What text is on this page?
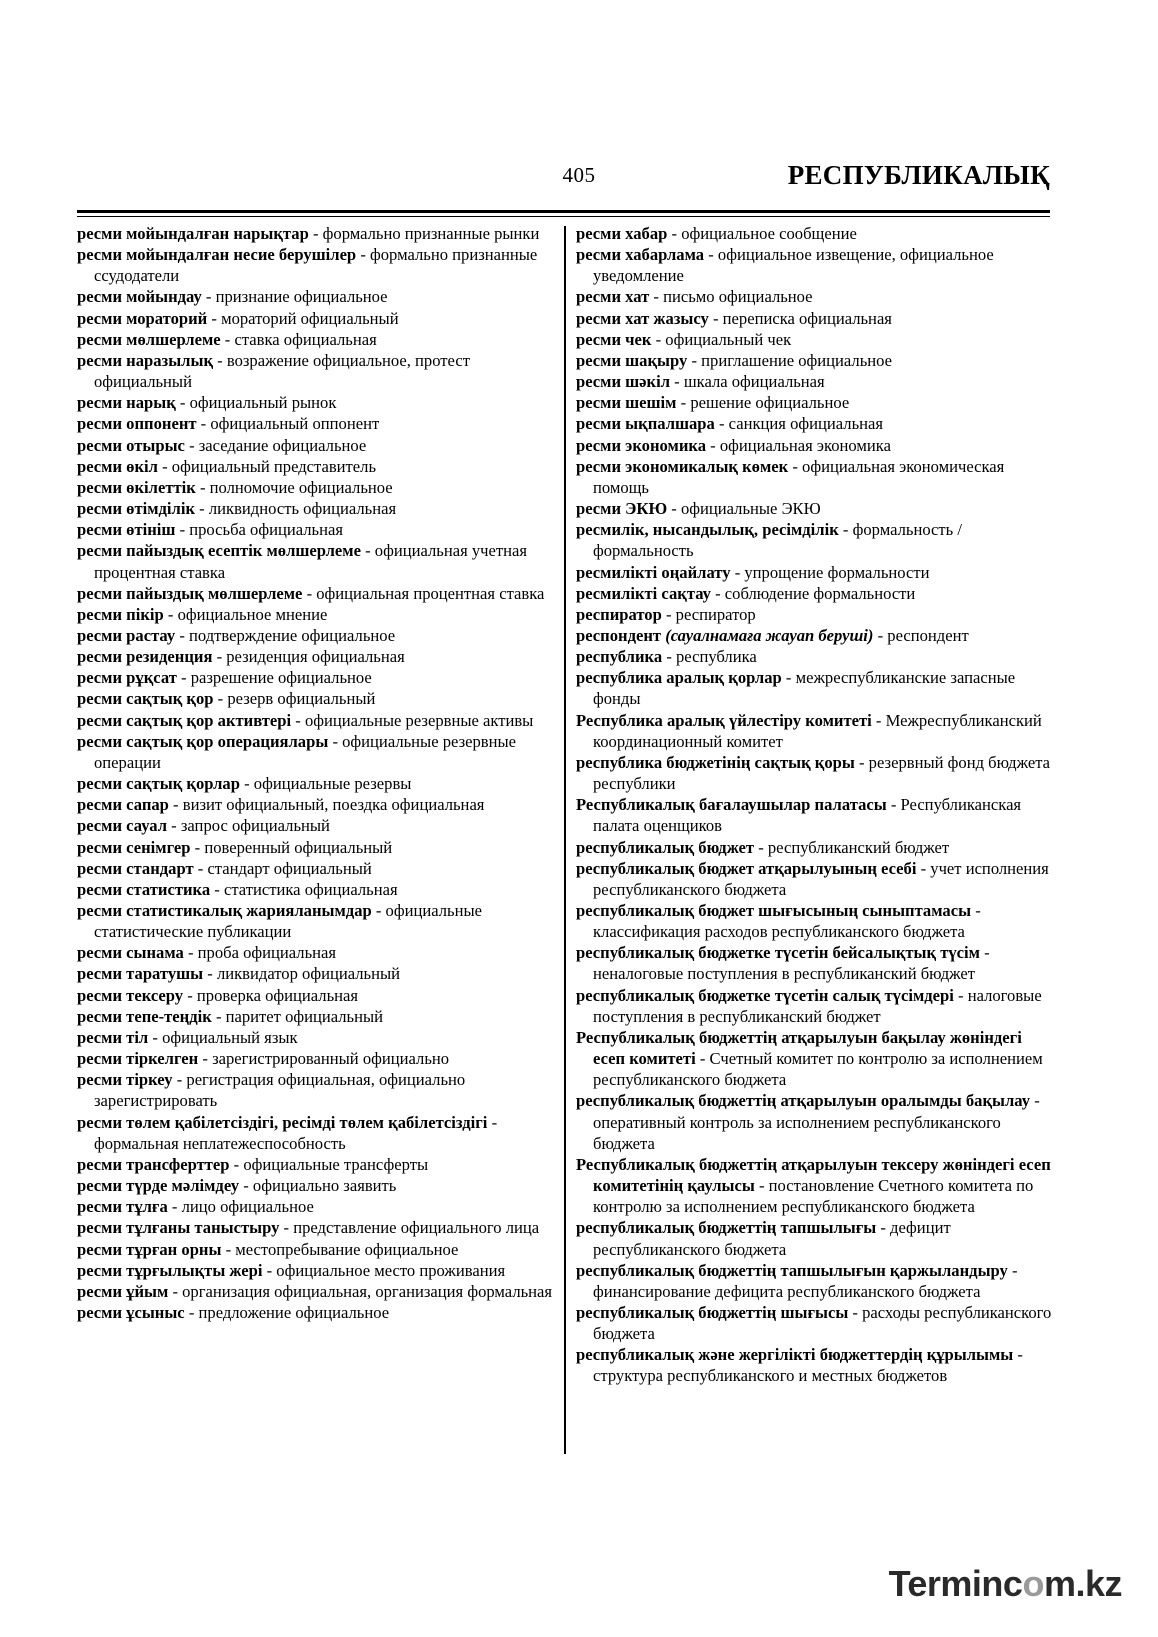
405	РЕСПУБЛИКАЛЫҚ

ресми мойындалған нарықтар - формально признанные рынки

ресми мойындалған несие берушілер - формально признанные ссудодатели

ресми мойындау - признание официальное

ресми мораторий - мораторий официальный

ресми мөлшерлеме - ставка официальная

ресми наразылық - возражение официальное, протест официальный

ресми нарық - официальный рынок

ресми оппонент - официальный оппонент

ресми отырыс - заседание официальное

ресми өкіл - официальный представитель

ресми өкілеттік - полномочие официальное

ресми өтімділік - ликвидность официальная

ресми өтініш - просьба официальная

ресми пайыздық есептік мөлшерлеме - официальная учетная процентная ставка

ресми пайыздық мөлшерлеме - официальная процентная ставка

ресми пікір - официальное мнение

ресми растау - подтверждение официальное

ресми резиденция - резиденция официальная

ресми рұқсат - разрешение официальное

ресми сақтық қор - резерв официальный

ресми сақтық қор активтері - официальные резервные активы

ресми сақтық қор операциялары - официальные резервные операции

ресми сақтық қорлар - официальные резервы

ресми сапар - визит официальный, поездка официальная

ресми сауал - запрос официальный

ресми сенімгер - поверенный официальный

ресми стандарт - стандарт официальный

ресми статистика - статистика официальная

ресми статистикалық жарияланымдар - официальные статистические публикации

ресми сынама - проба официальная

ресми таратушы - ликвидатор официальный

ресми тексеру - проверка официальная

ресми тепе-теңдік - паритет официальный

ресми тіл - официальный язык

ресми тіркелген - зарегистрированный официально

ресми тіркеу - регистрация официальная, официально зарегистрировать

ресми төлем қабілетсіздігі, ресімді төлем қабілетсіздігі - формальная неплатежеспособность

ресми трансферттер - официальные трансферты

ресми түрде мәлімдеу - официально заявить

ресми тұлға - лицо официальное

ресми тұлғаны таныстыру - представление официального лица

ресми тұрған орны - местопребывание официальное

ресми тұрғылықты жері - официальное место проживания

ресми ұйым - организация официальная, организация формальная

ресми ұсыныс - предложение официальное

ресми хабар - официальное сообщение

ресми хабарлама - официальное извещение, официальное уведомление

ресми хат - письмо официальное

ресми хат жазысу - переписка официальная

ресми чек - официальный чек

ресми шақыру - приглашение официальное

ресми шәкіл - шкала официальная

ресми шешім - решение официальное

ресми ықпалшара - санкция официальная

ресми экономика - официальная экономика

ресми экономикалық көмек - официальная экономическая помощь

ресми ЭКЮ - официальные ЭКЮ

ресмилік, нысандылық, ресімділік - формальность / формальность

ресмилікті оңайлату - упрощение формальности

ресмилікті сақтау - соблюдение формальности

респиратор - респиратор

респондент (сауалнамаға жауап беруші) - респондент

республика - республика

республика аралық қорлар - межреспубликанские запасные фонды

Республика аралық үйлестіру комитеті - Межреспубликанский координационный комитет

республика бюджетінің сақтық қоры - резервный фонд бюджета республики

Республикалық бағалаушылар палатасы - Республиканская палата оценщиков

республикалық бюджет - республиканский бюджет

республикалық бюджет атқарылуының есебі - учет исполнения республиканского бюджета

республикалық бюджет шығысының сыныптамасы - классификация расходов республиканского бюджета

республикалық бюджетке түсетін бейсалықтық түсім - неналоговые поступления в республиканский бюджет

республикалық бюджетке түсетін салық түсімдері - налоговые поступления в республиканский бюджет

Республикалық бюджеттің атқарылуын бақылау жөніндегі есеп комитеті - Счетный комитет по контролю за исполнением республиканского бюджета

республикалық бюджеттің атқарылуын оралымды бақылау - оперативный контроль за исполнением республиканского бюджета

Республикалық бюджеттің атқарылуын тексеру жөніндегі есеп комитетінің қаулысы - постановление Счетного комитета по контролю за исполнением республиканского бюджета

республикалық бюджеттің тапшылығы - дефицит республиканского бюджета

республикалық бюджеттің тапшылығын қаржыландыру - финансирование дефицита республиканского бюджета

республикалық бюджеттің шығысы - расходы республиканского бюджета

республикалық және жергілікті бюджеттердің құрылымы - структура республиканского и местных бюджетов

Termincom.kz
